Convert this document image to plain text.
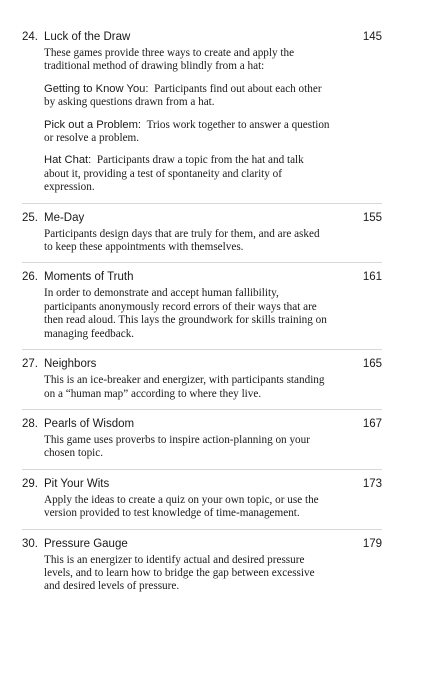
24. Luck of the Draw	145
These games provide three ways to create and apply the traditional method of drawing blindly from a hat:

Getting to Know You: Participants find out about each other by asking questions drawn from a hat.

Pick out a Problem: Trios work together to answer a question or resolve a problem.

Hat Chat: Participants draw a topic from the hat and talk about it, providing a test of spontaneity and clarity of expression.

25. Me-Day	155
Participants design days that are truly for them, and are asked to keep these appointments with themselves.
26. Moments of Truth	161
In order to demonstrate and accept human fallibility, participants anonymously record errors of their ways that are then read aloud. This lays the groundwork for skills training on managing feedback.
27. Neighbors	165
This is an ice-breaker and energizer, with participants standing on a “human map” according to where they live.
28. Pearls of Wisdom	167
This game uses proverbs to inspire action-planning on your chosen topic.
29. Pit Your Wits	173
Apply the ideas to create a quiz on your own topic, or use the version provided to test knowledge of time-management.
30. Pressure Gauge	179
This is an energizer to identify actual and desired pressure levels, and to learn how to bridge the gap between excessive and desired levels of pressure.
